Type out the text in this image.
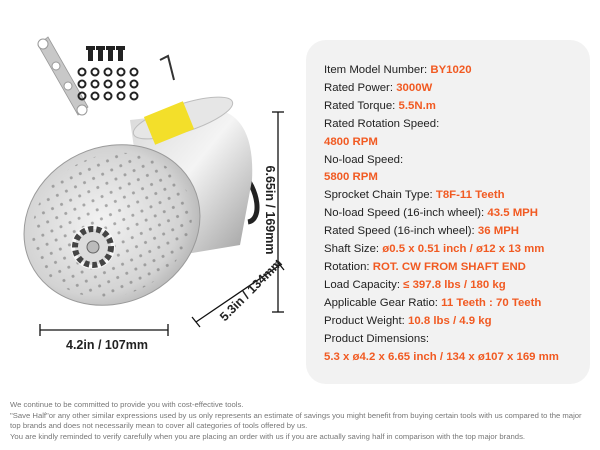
6.65in / 169mm
4.2in / 107mm
5.3in / 134mm
Item Model Number: BY1020
Rated Power: 3000W
Rated Torque: 5.5N.m
Rated Rotation Speed:
4800 RPM
No-load Speed:
5800 RPM
Sprocket Chain Type: T8F-11 Teeth
No-load Speed (16-inch wheel): 43.5 MPH
Rated Speed (16-inch wheel): 36 MPH
Shaft Size: ø0.5 x 0.51 inch / ø12 x 13 mm
Rotation: ROT. CW FROM SHAFT END
Load Capacity: ≤ 397.8 lbs / 180 kg
Applicable Gear Ratio: 11 Teeth : 70 Teeth
Product Weight: 10.8 lbs / 4.9 kg
Product Dimensions:
5.3 x ø4.2 x 6.65 inch / 134 x ø107 x 169 mm
We continue to be committed to provide you with cost-effective tools.
"Save Half"or any other similar expressions used by us only represents an estimate of savings you might benefit from buying certain tools with us compared to the major
top brands and does not necessarily mean to cover all categories of tools offered by us.
You are kindly reminded to verify carefully when you are placing an order with us if you are actually saving half in comparison with the top major brands.
